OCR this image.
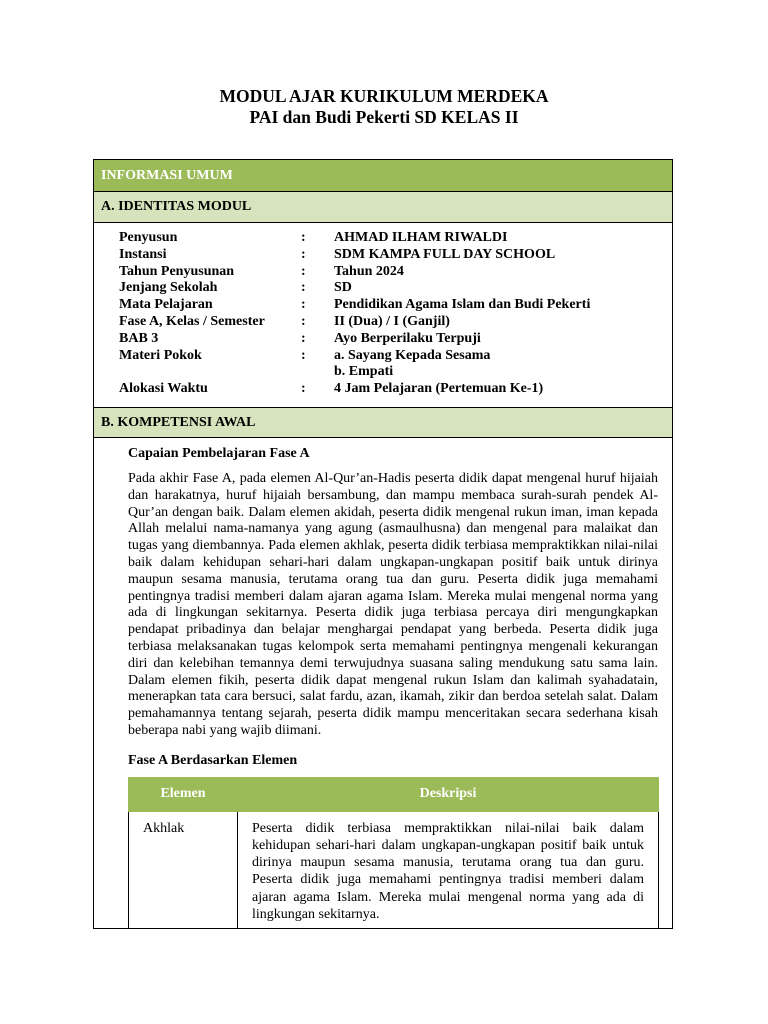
MODUL AJAR KURIKULUM MERDEKA
PAI dan Budi Pekerti SD KELAS II
INFORMASI UMUM
A. IDENTITAS MODUL
Penyusun	:	AHMAD ILHAM RIWALDI
Instansi	:	SDM KAMPA FULL DAY SCHOOL
Tahun Penyusunan	:	Tahun 2024
Jenjang Sekolah	:	SD
Mata Pelajaran	:	Pendidikan Agama Islam dan Budi Pekerti
Fase A, Kelas / Semester	:	II (Dua) / I (Ganjil)
BAB 3	:	Ayo Berperilaku Terpuji
Materi Pokok	:	a. Sayang Kepada Sesama
b. Empati
Alokasi Waktu	:	4 Jam Pelajaran (Pertemuan Ke-1)
B. KOMPETENSI AWAL

Capaian Pembelajaran Fase A

Pada akhir Fase A, pada elemen Al-Qur’an-Hadis peserta didik dapat mengenal huruf hijaiah dan harakatnya, huruf hijaiah bersambung, dan mampu membaca surah-surah pendek Al-Qur’an dengan baik. Dalam elemen akidah, peserta didik mengenal rukun iman, iman kepada Allah melalui nama-namanya yang agung (asmaulhusna) dan mengenal para malaikat dan tugas yang diembannya. Pada elemen akhlak, peserta didik terbiasa mempraktikkan nilai-nilai baik dalam kehidupan sehari-hari dalam ungkapan-ungkapan positif baik untuk dirinya maupun sesama manusia, terutama orang tua dan guru. Peserta didik juga memahami pentingnya tradisi memberi dalam ajaran agama Islam. Mereka mulai mengenal norma yang ada di lingkungan sekitarnya. Peserta didik juga terbiasa percaya diri mengungkapkan pendapat pribadinya dan belajar menghargai pendapat yang berbeda. Peserta didik juga terbiasa melaksanakan tugas kelompok serta memahami pentingnya mengenali kekurangan diri dan kelebihan temannya demi terwujudnya suasana saling mendukung satu sama lain. Dalam elemen fikih, peserta didik dapat mengenal rukun Islam dan kalimah syahadatain, menerapkan tata cara bersuci, salat fardu, azan, ikamah, zikir dan berdoa setelah salat. Dalam pemahamannya tentang sejarah, peserta didik mampu menceritakan secara sederhana kisah beberapa nabi yang wajib diimani.

Fase A Berdasarkan Elemen

Elemen	Deskripsi
Akhlak	Peserta didik terbiasa mempraktikkan nilai-nilai baik dalam kehidupan sehari-hari dalam ungkapan-ungkapan positif baik untuk dirinya maupun sesama manusia, terutama orang tua dan guru. Peserta didik juga memahami pentingnya tradisi memberi dalam ajaran agama Islam. Mereka mulai mengenal norma yang ada di lingkungan sekitarnya.
